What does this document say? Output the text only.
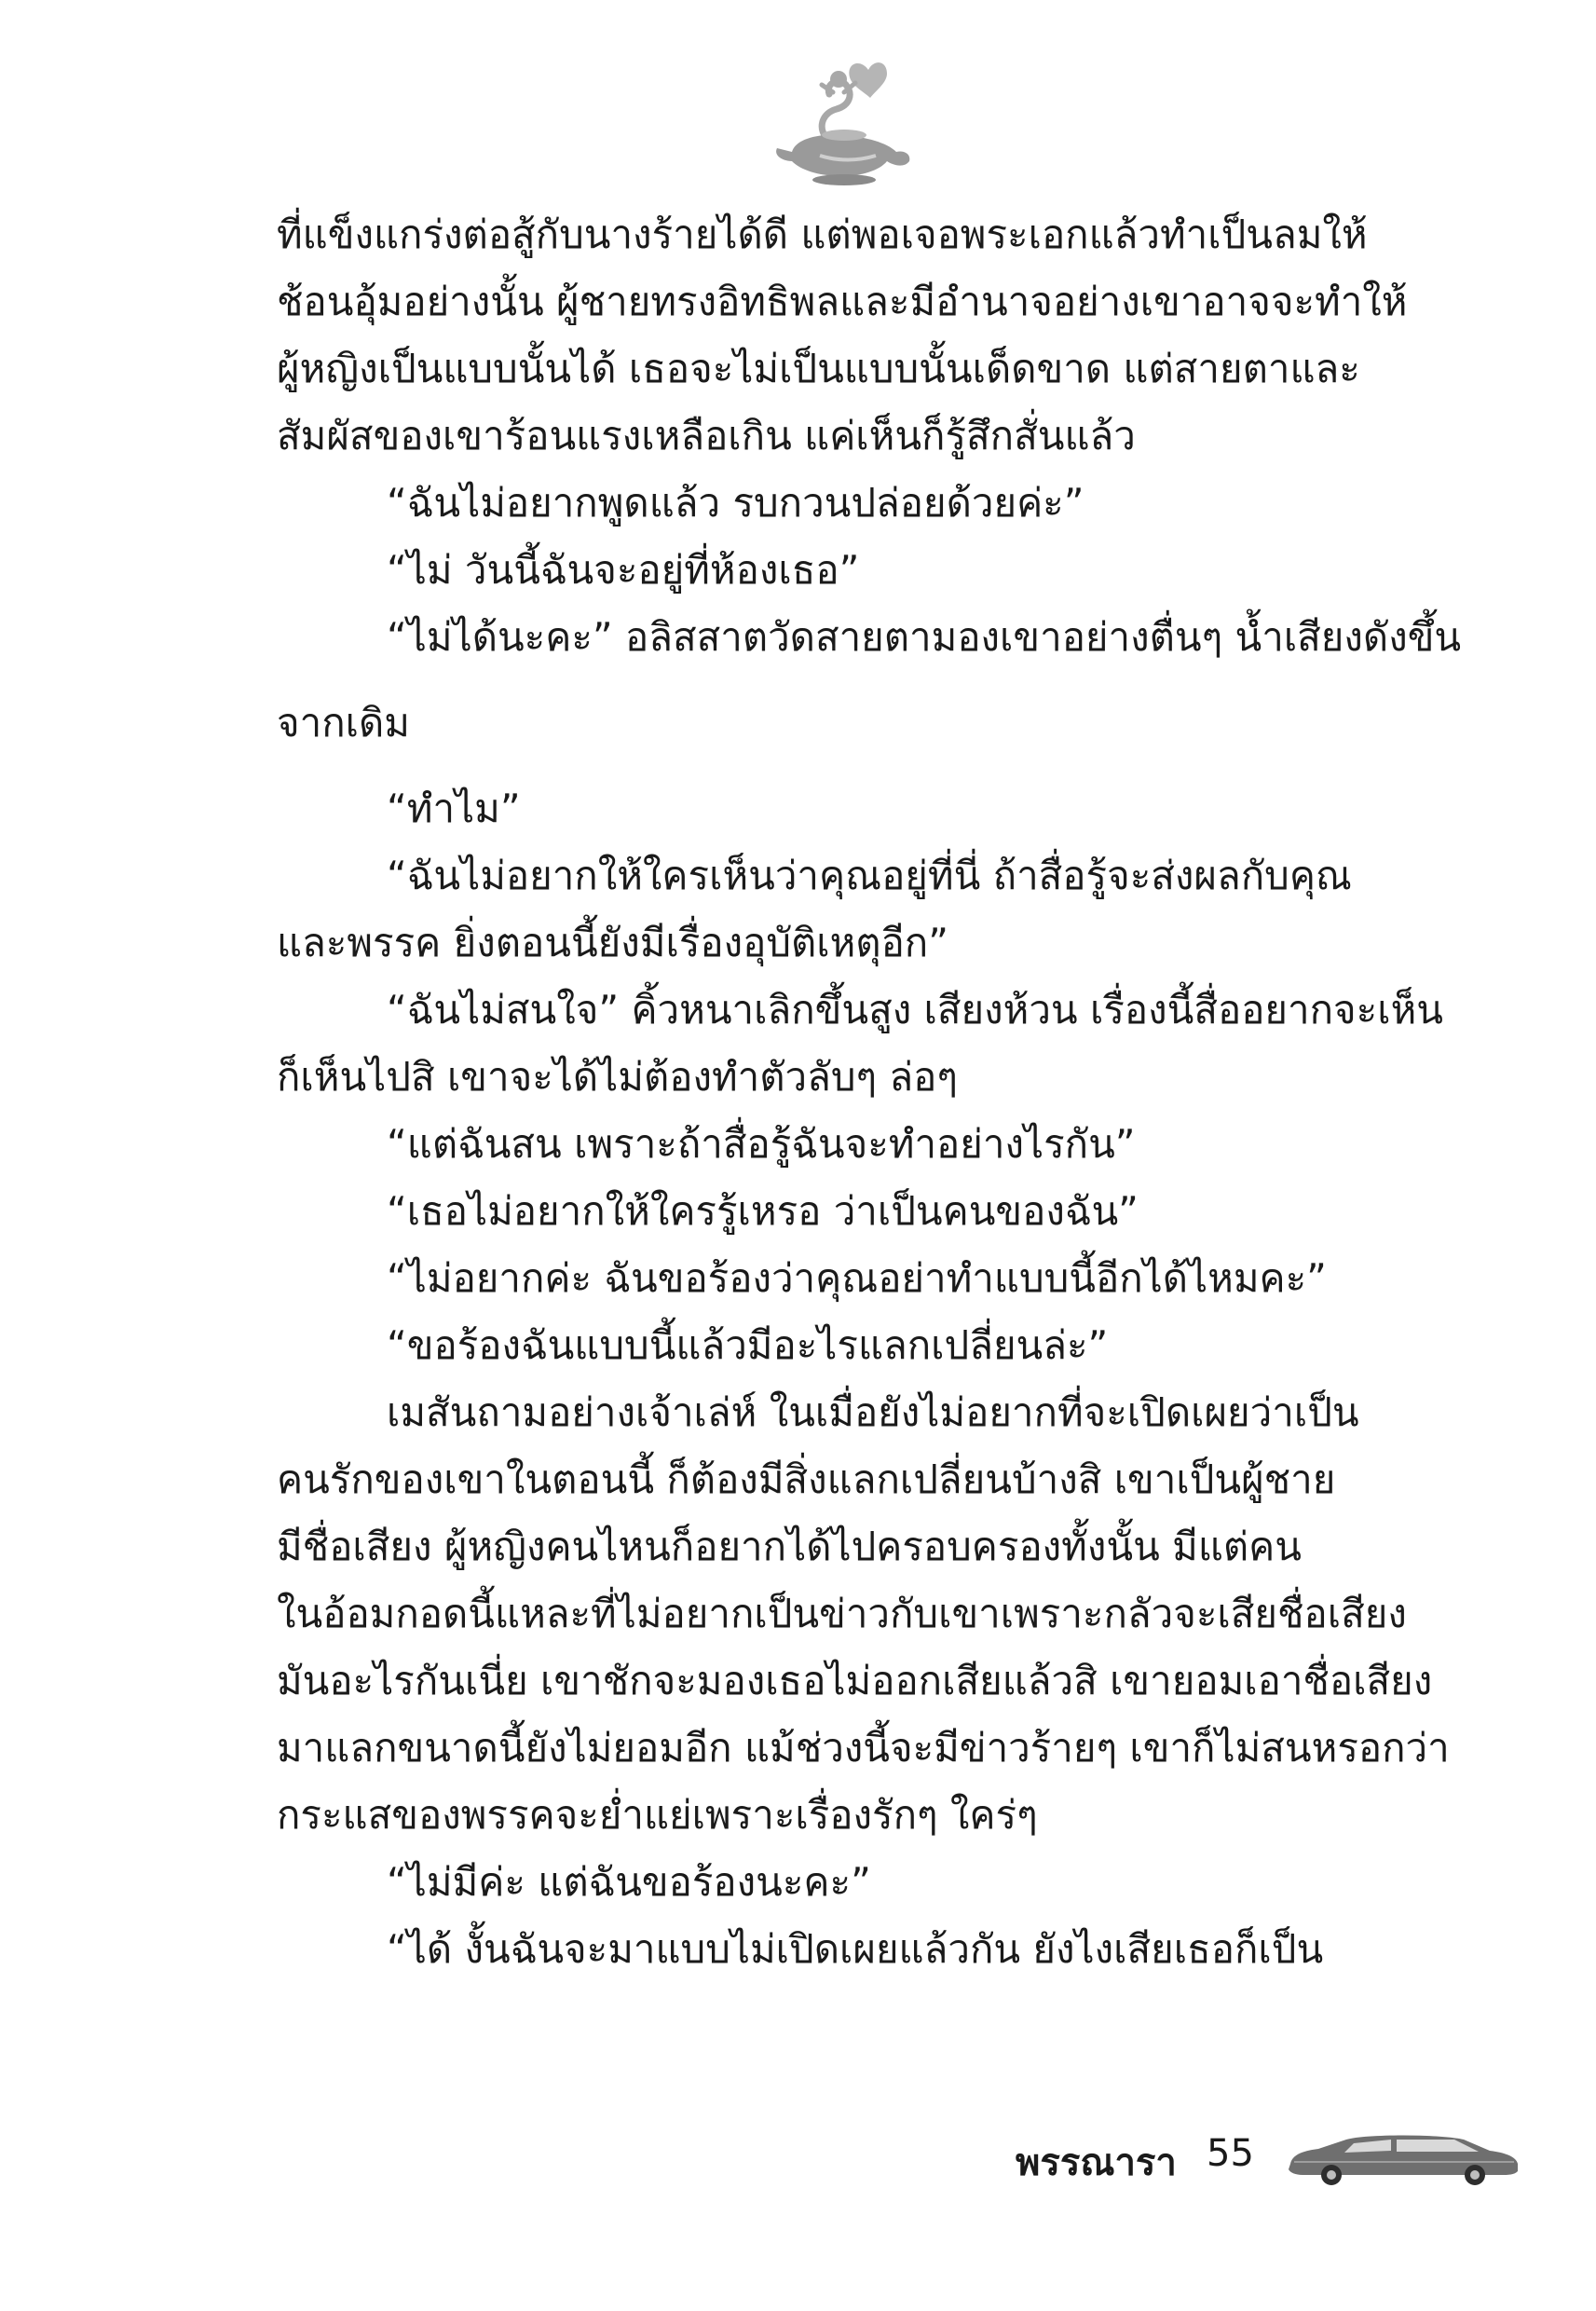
ที่แข็งแกร่งต่อสู้กับนางร้ายได้ดี แต่พอเจอพระเอกแล้วทำเป็นลมให้
ช้อนอุ้มอย่างนั้น ผู้ชายทรงอิทธิพลและมีอำนาจอย่างเขาอาจจะทำให้
ผู้หญิงเป็นแบบนั้นได้ เธอจะไม่เป็นแบบนั้นเด็ดขาด แต่สายตาและ
สัมผัสของเขาร้อนแรงเหลือเกิน แค่เห็นก็รู้สึกสั่นแล้ว
“ฉันไม่อยากพูดแล้ว รบกวนปล่อยด้วยค่ะ”
“ไม่ วันนี้ฉันจะอยู่ที่ห้องเธอ”
“ไม่ได้นะคะ” อลิสสาตวัดสายตามองเขาอย่างตื่นๆ น้ำเสียงดังขึ้น
จากเดิม
“ทำไม”
“ฉันไม่อยากให้ใครเห็นว่าคุณอยู่ที่นี่ ถ้าสื่อรู้จะส่งผลกับคุณ
และพรรค ยิ่งตอนนี้ยังมีเรื่องอุบัติเหตุอีก”
“ฉันไม่สนใจ” คิ้วหนาเลิกขึ้นสูง เสียงห้วน เรื่องนี้สื่ออยากจะเห็น
ก็เห็นไปสิ เขาจะได้ไม่ต้องทำตัวลับๆ ล่อๆ
“แต่ฉันสน เพราะถ้าสื่อรู้ฉันจะทำอย่างไรกัน”
“เธอไม่อยากให้ใครรู้เหรอ ว่าเป็นคนของฉัน”
“ไม่อยากค่ะ ฉันขอร้องว่าคุณอย่าทำแบบนี้อีกได้ไหมคะ”
“ขอร้องฉันแบบนี้แล้วมีอะไรแลกเปลี่ยนล่ะ”
เมสันถามอย่างเจ้าเล่ห์ ในเมื่อยังไม่อยากที่จะเปิดเผยว่าเป็น
คนรักของเขาในตอนนี้ ก็ต้องมีสิ่งแลกเปลี่ยนบ้างสิ เขาเป็นผู้ชาย
มีชื่อเสียง ผู้หญิงคนไหนก็อยากได้ไปครอบครองทั้งนั้น มีแต่คน
ในอ้อมกอดนี้แหละที่ไม่อยากเป็นข่าวกับเขาเพราะกลัวจะเสียชื่อเสียง
มันอะไรกันเนี่ย เขาชักจะมองเธอไม่ออกเสียแล้วสิ เขายอมเอาชื่อเสียง
มาแลกขนาดนี้ยังไม่ยอมอีก แม้ช่วงนี้จะมีข่าวร้ายๆ เขาก็ไม่สนหรอกว่า
กระแสของพรรคจะย่ำแย่เพราะเรื่องรักๆ ใคร่ๆ
“ไม่มีค่ะ แต่ฉันขอร้องนะคะ”
“ได้ งั้นฉันจะมาแบบไม่เปิดเผยแล้วกัน ยังไงเสียเธอก็เป็น
พรรณารา 55
